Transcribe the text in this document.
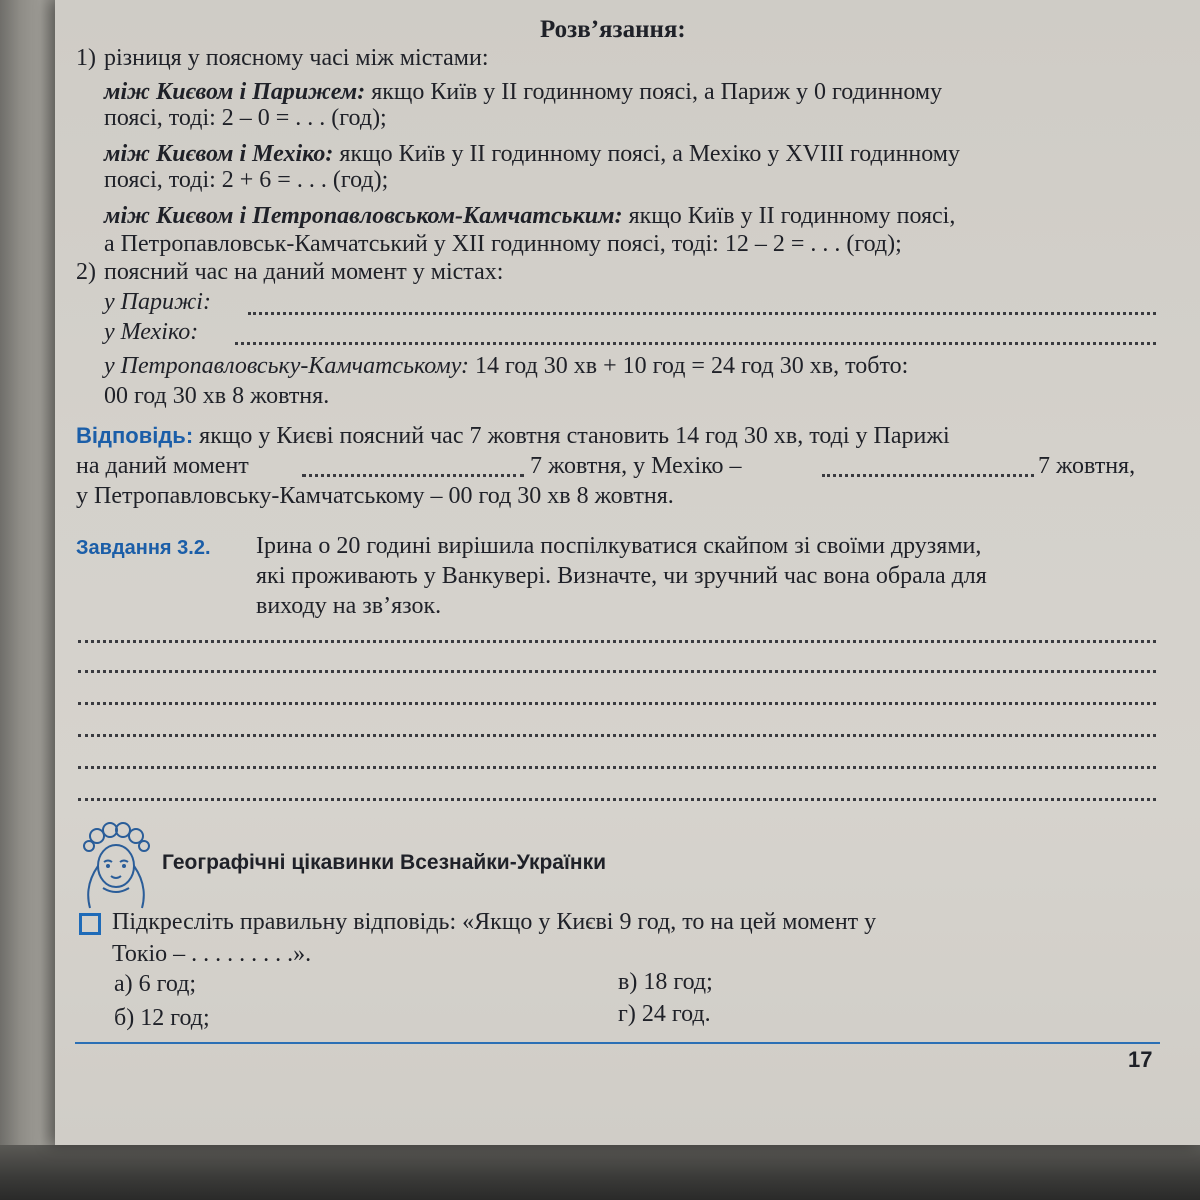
Розв’язання:
1) різниця у поясному часі між містами:
між Києвом і Парижем: якщо Київ у II годинному поясі, а Париж у 0 годинному
поясі, тоді: 2 – 0 = . . . (год);
між Києвом і Мехіко: якщо Київ у II годинному поясі, а Мехіко у XVIII годинному
поясі, тоді: 2 + 6 = . . . (год);
між Києвом і Петропавловськом-Камчатським: якщо Київ у II годинному поясі,
а Петропавловськ-Камчатський у XII годинному поясі, тоді: 12 – 2 = . . . (год);
2) поясний час на даний момент у містах:
у Парижі:
у Мехіко:
у Петропавловську-Камчатському: 14 год 30 хв + 10 год = 24 год 30 хв, тобто:
00 год 30 хв 8 жовтня.
Відповідь: якщо у Києві поясний час 7 жовтня становить 14 год 30 хв, тоді у Парижі
на даний момент	7 жовтня, у Мехіко –	7 жовтня,
у Петропавловську-Камчатському – 00 год 30 хв 8 жовтня.
Завдання 3.2. Ірина о 20 годині вирішила поспілкуватися скайпом зі своїми друзями,
які проживають у Ванкувері. Визначте, чи зручний час вона обрала для
виходу на зв’язок.
Географічні цікавинки Всезнайки-Українки
Підкресліть правильну відповідь: «Якщо у Києві 9 год, то на цей момент у
Токіо – . . . . . . . . .».
а) 6 год;
б) 12 год;
в) 18 год;
г) 24 год.
17
